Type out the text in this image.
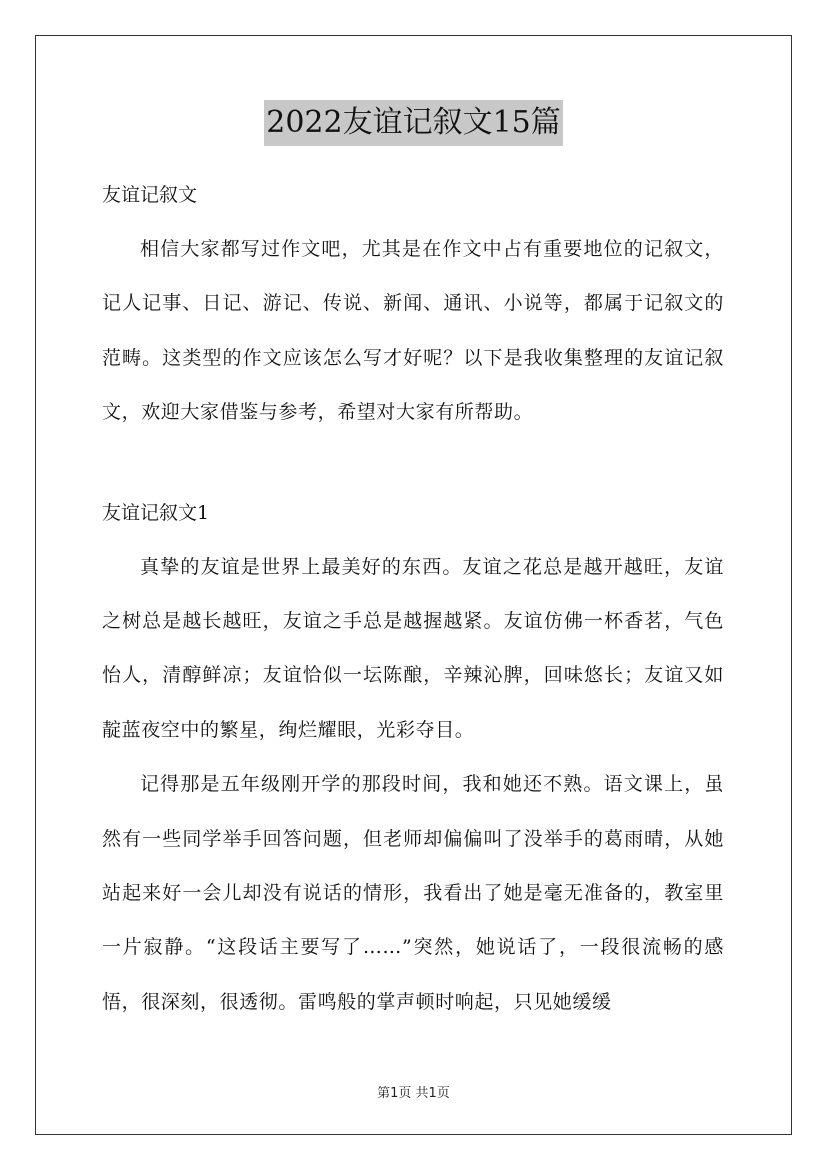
2022友谊记叙文15篇

友谊记叙文

相信大家都写过作文吧，尤其是在作文中占有重要地位的记叙文，记人记事、日记、游记、传说、新闻、通讯、小说等，都属于记叙文的范畴。这类型的作文应该怎么写才好呢？以下是我收集整理的友谊记叙文，欢迎大家借鉴与参考，希望对大家有所帮助。

友谊记叙文1

真挚的友谊是世界上最美好的东西。友谊之花总是越开越旺，友谊之树总是越长越旺，友谊之手总是越握越紧。友谊仿佛一杯香茗，气色怡人，清醇鲜凉；友谊恰似一坛陈酿，辛辣沁脾，回味悠长；友谊又如靛蓝夜空中的繁星，绚烂耀眼，光彩夺目。

记得那是五年级刚开学的那段时间，我和她还不熟。语文课上，虽然有一些同学举手回答问题，但老师却偏偏叫了没举手的葛雨晴，从她站起来好一会儿却没有说话的情形，我看出了她是毫无准备的，教室里一片寂静。“这段话主要写了……”突然，她说话了，一段很流畅的感悟，很深刻，很透彻。雷鸣般的掌声顿时响起，只见她缓缓

第1页 共1页
